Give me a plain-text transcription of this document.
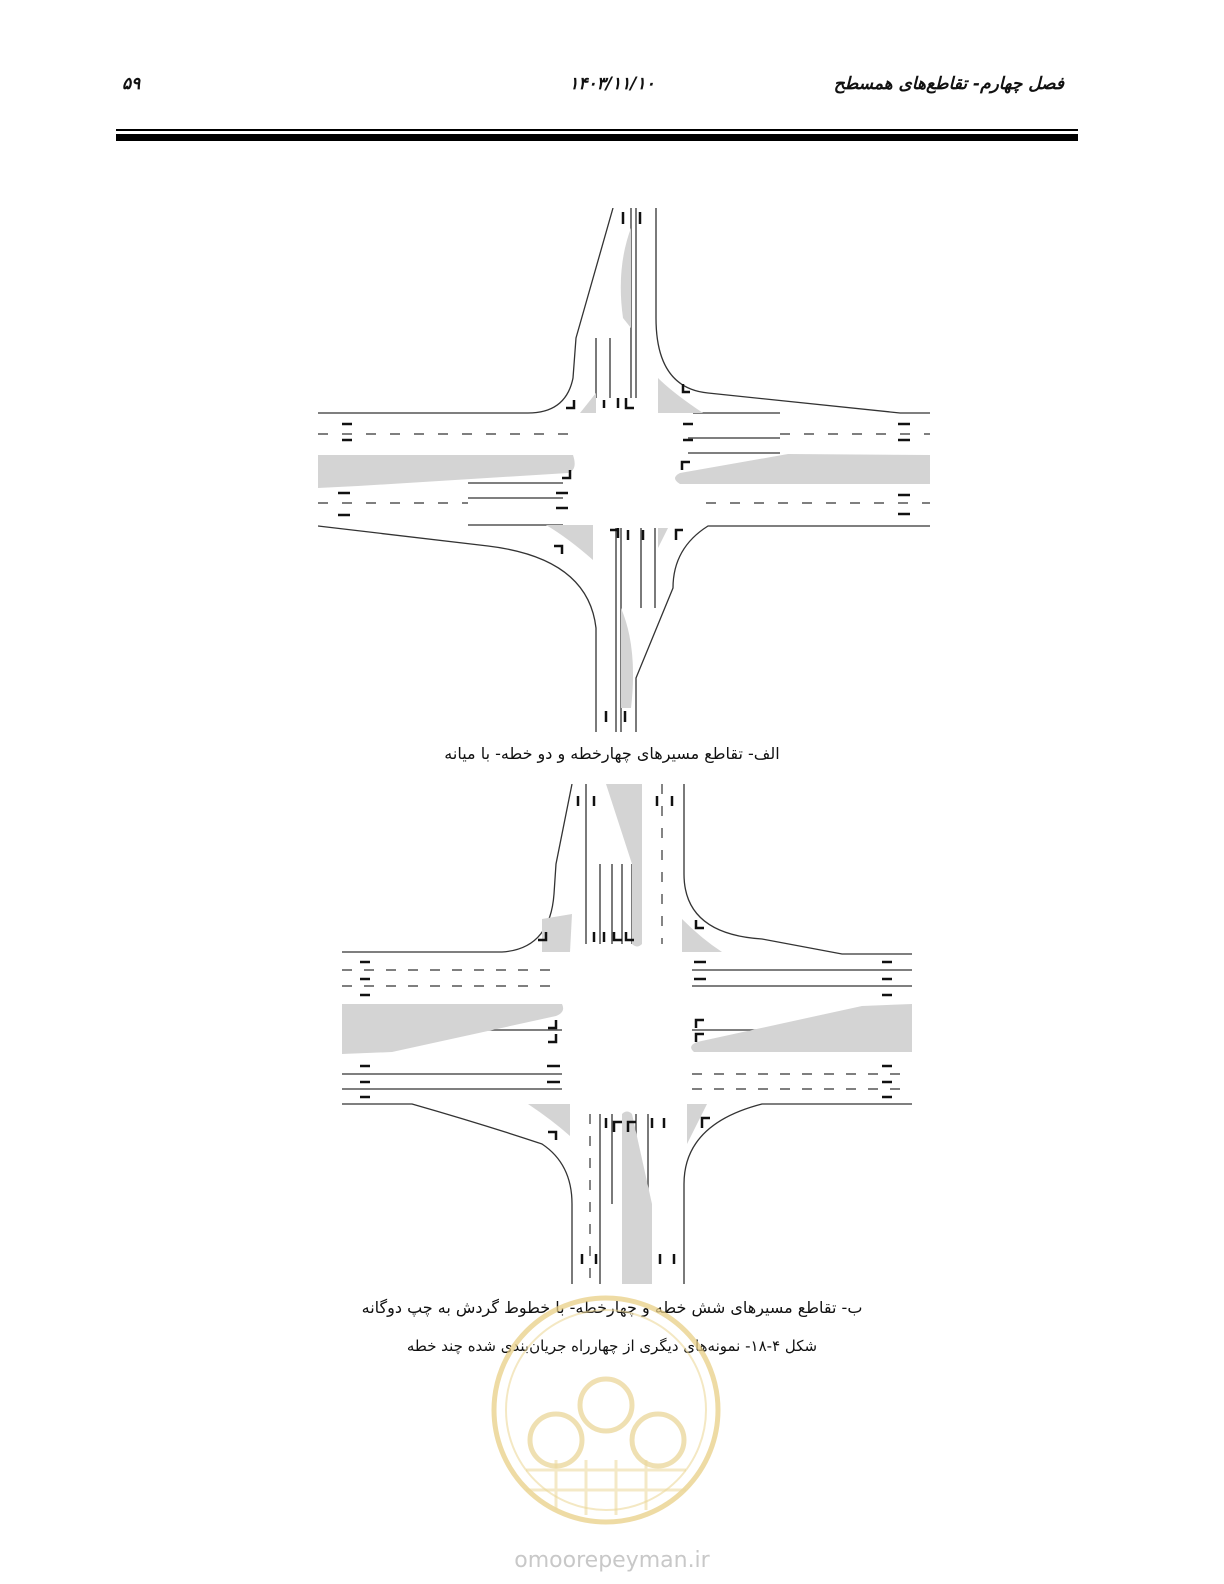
فصل چهارم- تقاطع‌های همسطح
۱۴۰۳/۱۱/۱۰
۵۹
الف- تقاطع مسیرهای چهارخطه و دو خطه- با میانه
ب- تقاطع مسیرهای شش خطه و چهارخطه- با خطوط گردش به چپ دوگانه
شکل ۴-۱۸- نمونه‌های دیگری از چهارراه جریان‌بندی شده چند خطه
omoorepeyman.ir
